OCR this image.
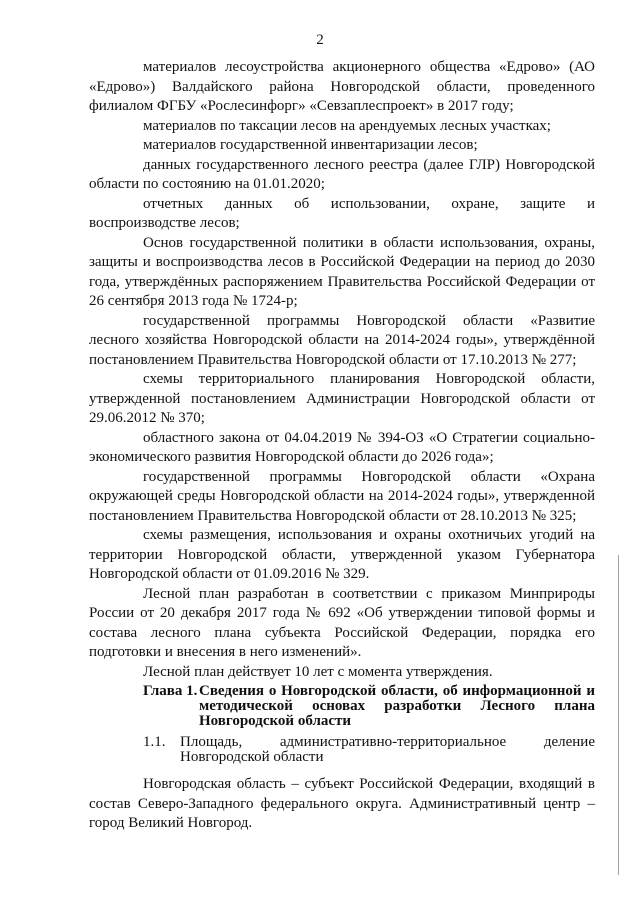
2

материалов лесоустройства акционерного общества «Едрово» (АО «Едрово») Валдайского района Новгородской области, проведенного филиалом ФГБУ «Рослесинфорг» «Севзаплеспроект» в 2017 году;

материалов по таксации лесов на арендуемых лесных участках;

материалов государственной инвентаризации лесов;

данных государственного лесного реестра (далее ГЛР) Новгородской области по состоянию на 01.01.2020;

отчетных данных об использовании, охране, защите и воспроизводстве лесов;

Основ государственной политики в области использования, охраны, защиты и воспроизводства лесов в Российской Федерации на период до 2030 года, утверждённых распоряжением Правительства Российской Федерации от 26 сентября 2013 года № 1724-р;

государственной программы Новгородской области «Развитие лесного хозяйства Новгородской области на 2014-2024 годы», утверждённой постановлением Правительства Новгородской области от 17.10.2013 № 277;

схемы территориального планирования Новгородской области, утвержденной постановлением Администрации Новгородской области от 29.06.2012 № 370;

областного закона от 04.04.2019 № 394-ОЗ «О Стратегии социально-экономического развития Новгородской области до 2026 года»;

государственной программы Новгородской области «Охрана окружающей среды Новгородской области на 2014-2024 годы», утвержденной постановлением Правительства Новгородской области от 28.10.2013 № 325;

схемы размещения, использования и охраны охотничьих угодий на территории Новгородской области, утвержденной указом Губернатора Новгородской области от 01.09.2016 № 329.

Лесной план разработан в соответствии с приказом Минприроды России от 20 декабря 2017 года № 692 «Об утверждении типовой формы и состава лесного плана субъекта Российской Федерации, порядка его подготовки и внесения в него изменений».

Лесной план действует 10 лет с момента утверждения.

Глава 1. Сведения о Новгородской области, об информационной и методической основах разработки Лесного плана Новгородской области
1.1. Площадь, административно-территориальное деление Новгородской области

Новгородская область – субъект Российской Федерации, входящий в состав Северо-Западного федерального округа. Административный центр – город Великий Новгород.
